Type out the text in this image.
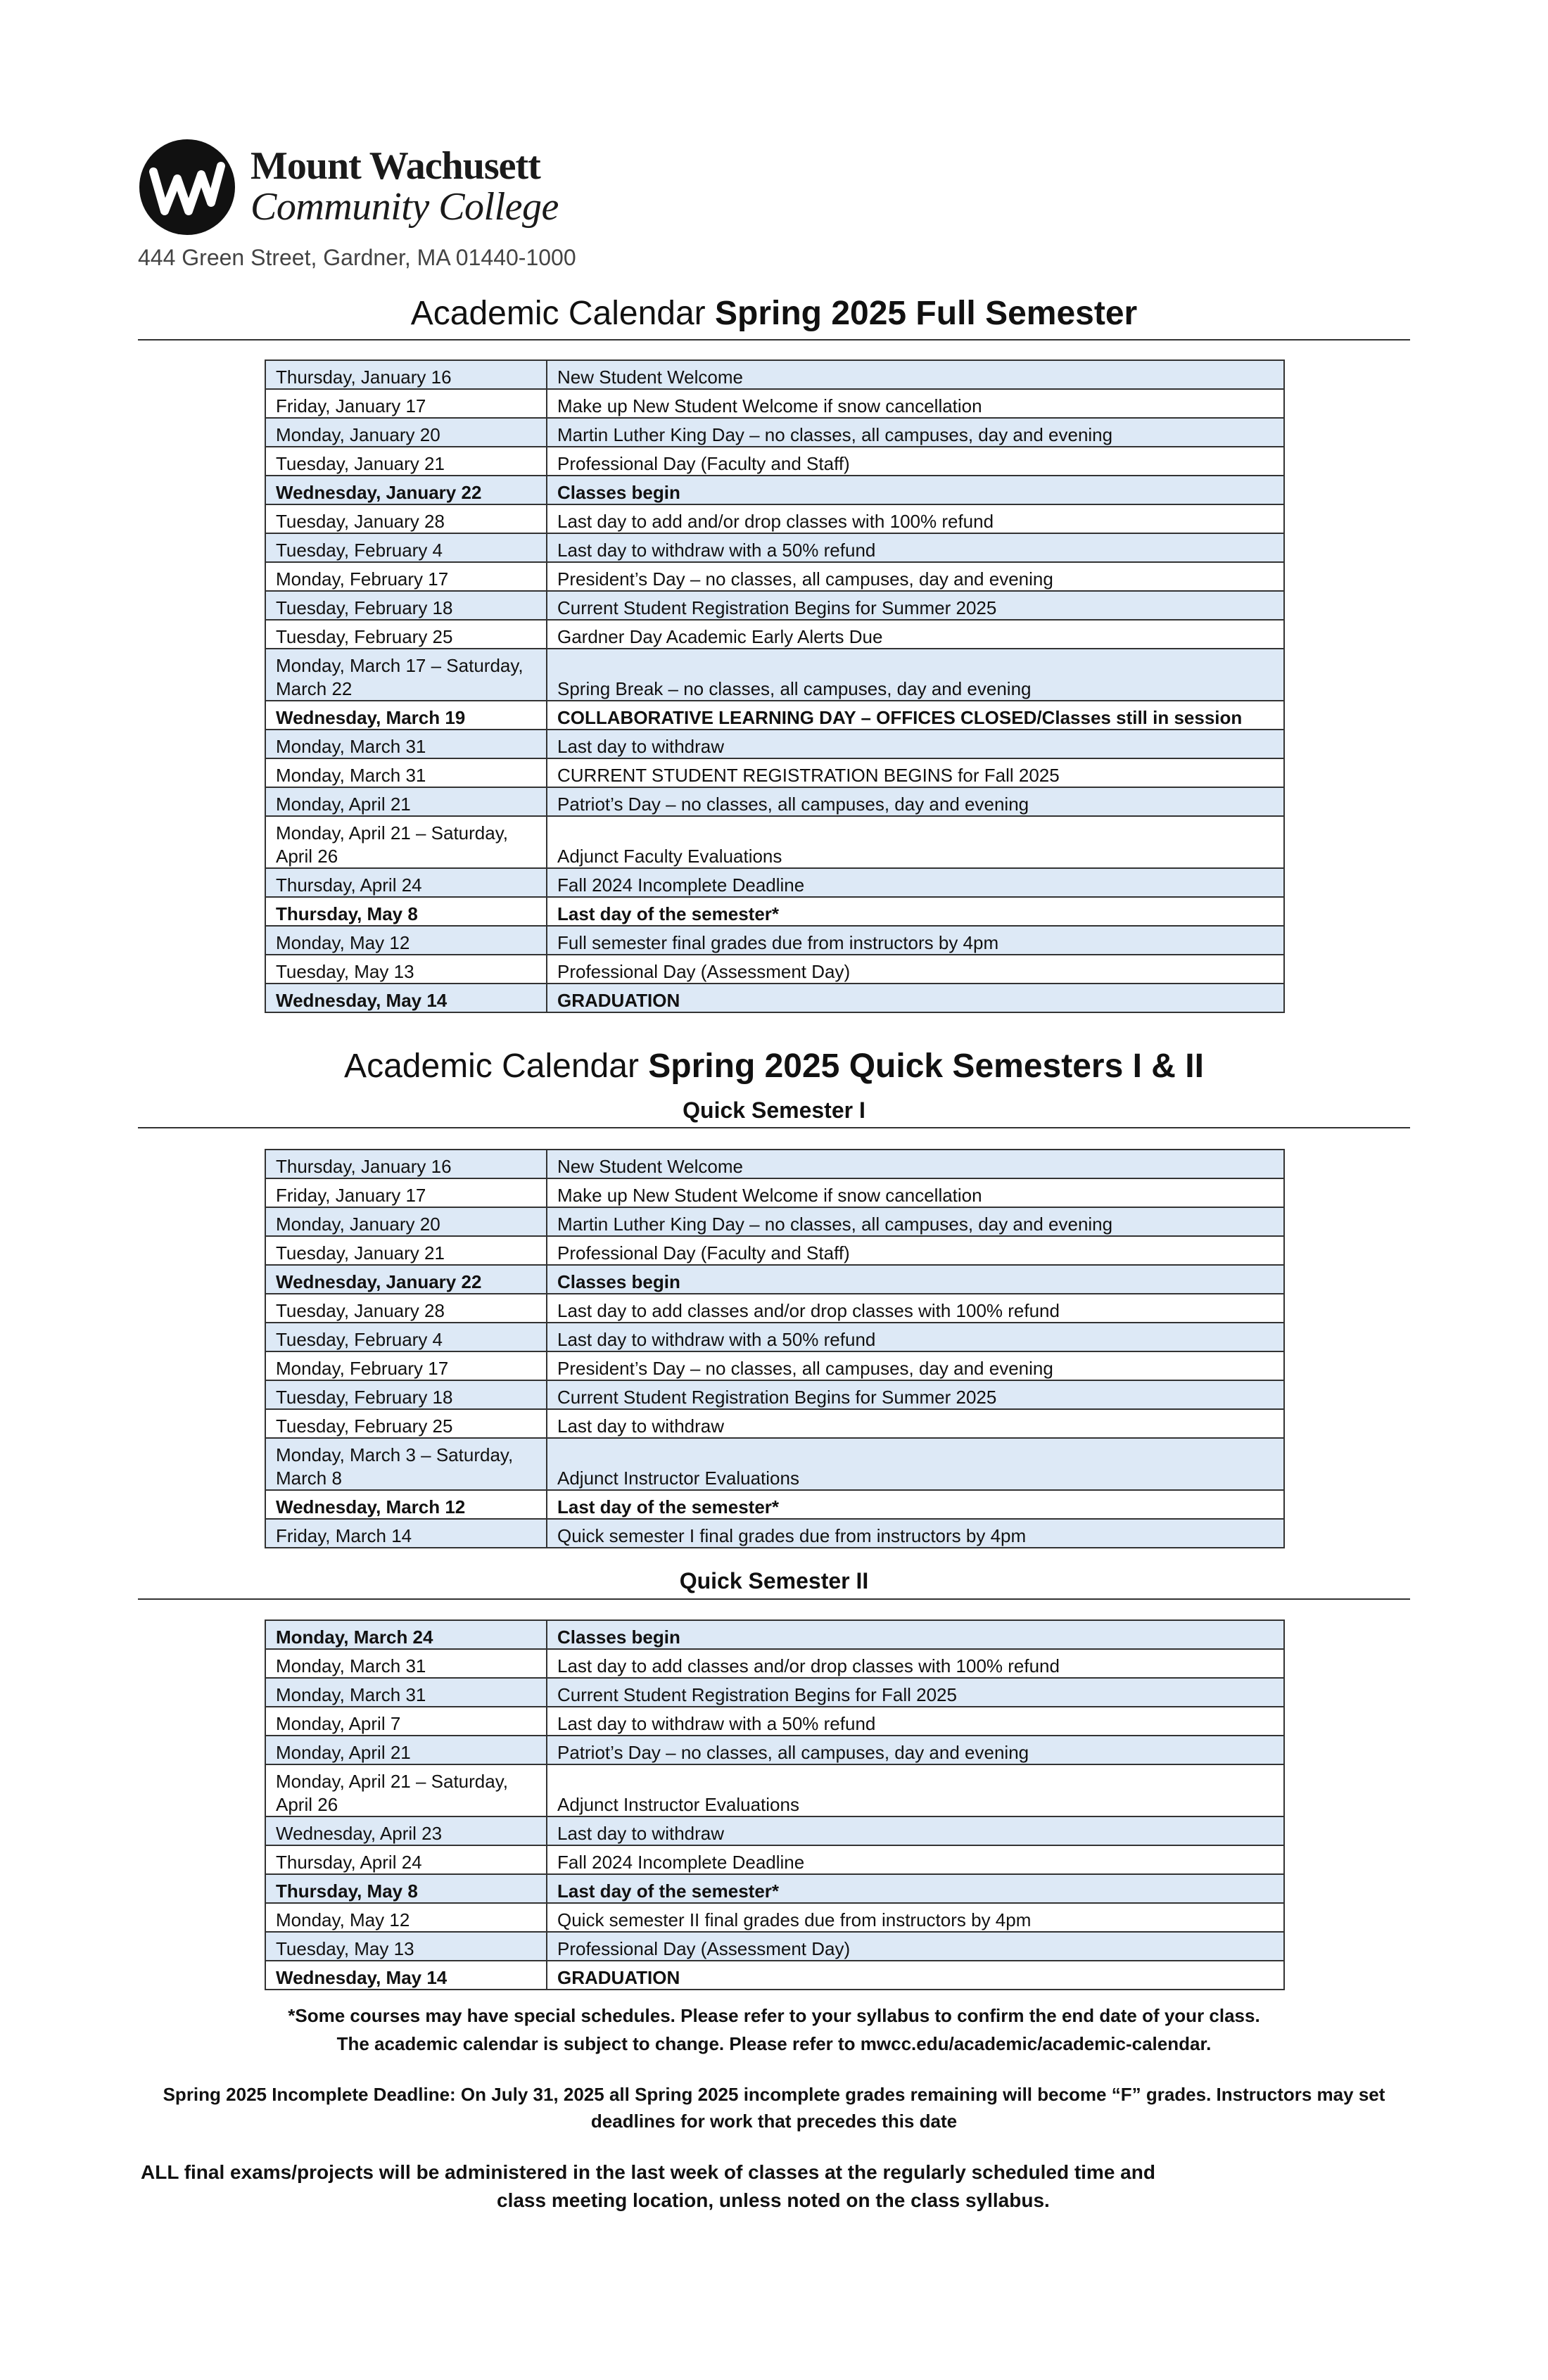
Mount Wachusett
Community College
444 Green Street, Gardner, MA 01440-1000
Academic Calendar Spring 2025 Full Semester
Thursday, January 16	New Student Welcome
Friday, January 17	Make up New Student Welcome if snow cancellation
Monday, January 20	Martin Luther King Day – no classes, all campuses, day and evening
Tuesday, January 21	Professional Day (Faculty and Staff)
Wednesday, January 22	Classes begin
Tuesday, January 28	Last day to add and/or drop classes with 100% refund
Tuesday, February 4	Last day to withdraw with a 50% refund
Monday, February 17	President’s Day – no classes, all campuses, day and evening
Tuesday, February 18	Current Student Registration Begins for Summer 2025
Tuesday, February 25	Gardner Day Academic Early Alerts Due
Monday, March 17 – Saturday, March 22	Spring Break – no classes, all campuses, day and evening
Wednesday, March 19	COLLABORATIVE LEARNING DAY – OFFICES CLOSED/Classes still in session
Monday, March 31	Last day to withdraw
Monday, March 31	CURRENT STUDENT REGISTRATION BEGINS for Fall 2025
Monday, April 21	Patriot’s Day – no classes, all campuses, day and evening
Monday, April 21 – Saturday, April 26	Adjunct Faculty Evaluations
Thursday, April 24	Fall 2024 Incomplete Deadline
Thursday, May 8	Last day of the semester*
Monday, May 12	Full semester final grades due from instructors by 4pm
Tuesday, May 13	Professional Day (Assessment Day)
Wednesday, May 14	GRADUATION
Academic Calendar Spring 2025 Quick Semesters I & II
Quick Semester I
Thursday, January 16	New Student Welcome
Friday, January 17	Make up New Student Welcome if snow cancellation
Monday, January 20	Martin Luther King Day – no classes, all campuses, day and evening
Tuesday, January 21	Professional Day (Faculty and Staff)
Wednesday, January 22	Classes begin
Tuesday, January 28	Last day to add classes and/or drop classes with 100% refund
Tuesday, February 4	Last day to withdraw with a 50% refund
Monday, February 17	President’s Day – no classes, all campuses, day and evening
Tuesday, February 18	Current Student Registration Begins for Summer 2025
Tuesday, February 25	Last day to withdraw
Monday, March 3 – Saturday, March 8	Adjunct Instructor Evaluations
Wednesday, March 12	Last day of the semester*
Friday, March 14	Quick semester I final grades due from instructors by 4pm
Quick Semester II
Monday, March 24	Classes begin
Monday, March 31	Last day to add classes and/or drop classes with 100% refund
Monday, March 31	Current Student Registration Begins for Fall 2025
Monday, April 7	Last day to withdraw with a 50% refund
Monday, April 21	Patriot’s Day – no classes, all campuses, day and evening
Monday, April 21 – Saturday, April 26	Adjunct Instructor Evaluations
Wednesday, April 23	Last day to withdraw
Thursday, April 24	Fall 2024 Incomplete Deadline
Thursday, May 8	Last day of the semester*
Monday, May 12	Quick semester II final grades due from instructors by 4pm
Tuesday, May 13	Professional Day (Assessment Day)
Wednesday, May 14	GRADUATION
*Some courses may have special schedules. Please refer to your syllabus to confirm the end date of your class.
The academic calendar is subject to change. Please refer to mwcc.edu/academic/academic-calendar.
Spring 2025 Incomplete Deadline: On July 31, 2025 all Spring 2025 incomplete grades remaining will become “F” grades. Instructors may set
deadlines for work that precedes this date
ALL final exams/projects will be administered in the last week of classes at the regularly scheduled time and
class meeting location, unless noted on the class syllabus.
